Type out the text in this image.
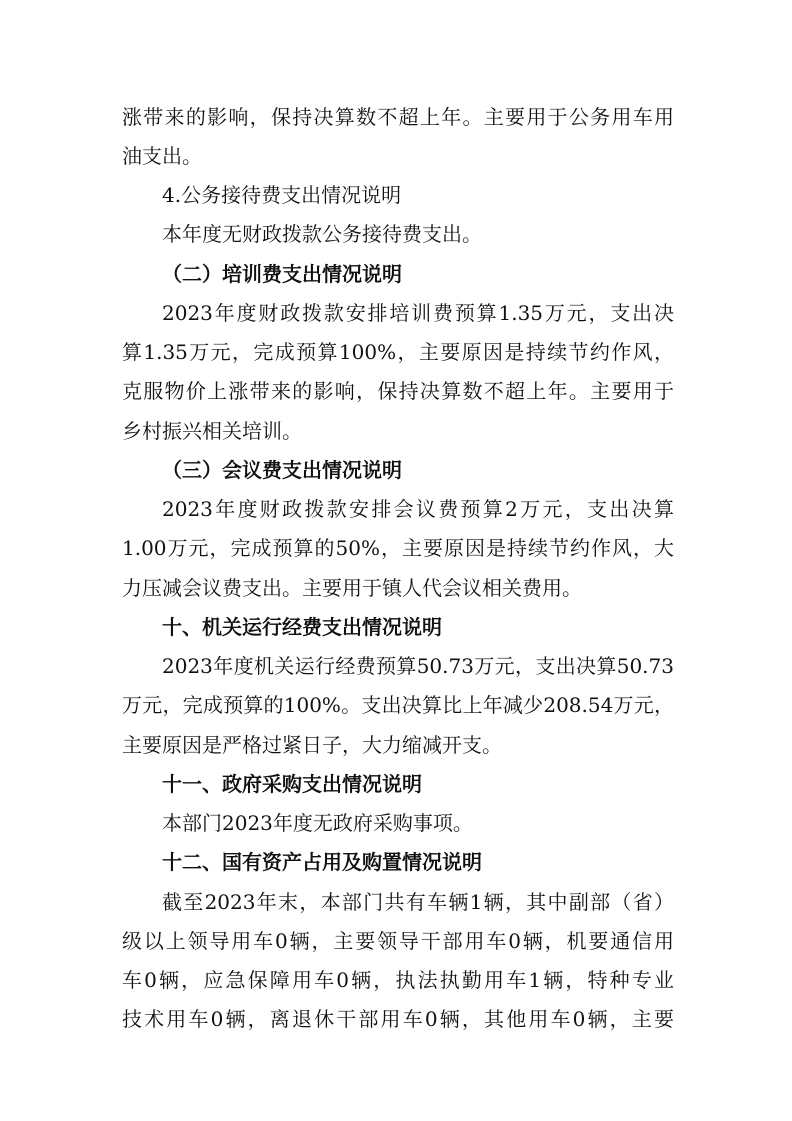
涨带来的影响，保持决算数不超上年。主要用于公务用车用
油支出。
4.公务接待费支出情况说明
本年度无财政拨款公务接待费支出。
（二）培训费支出情况说明
2023年度财政拨款安排培训费预算1.35万元，支出决
算1.35万元，完成预算100%，主要原因是持续节约作风，
克服物价上涨带来的影响，保持决算数不超上年。主要用于
乡村振兴相关培训。
（三）会议费支出情况说明
2023年度财政拨款安排会议费预算2万元，支出决算
1.00万元，完成预算的50%，主要原因是持续节约作风，大
力压减会议费支出。主要用于镇人代会议相关费用。
十、机关运行经费支出情况说明
2023年度机关运行经费预算50.73万元，支出决算50.73
万元，完成预算的100%。支出决算比上年减少208.54万元，
主要原因是严格过紧日子，大力缩减开支。
十一、政府采购支出情况说明
本部门2023年度无政府采购事项。
十二、国有资产占用及购置情况说明
截至2023年末，本部门共有车辆1辆，其中副部（省）
级以上领导用车0辆，主要领导干部用车0辆，机要通信用
车0辆，应急保障用车0辆，执法执勤用车1辆，特种专业
技术用车0辆，离退休干部用车0辆，其他用车0辆，主要
